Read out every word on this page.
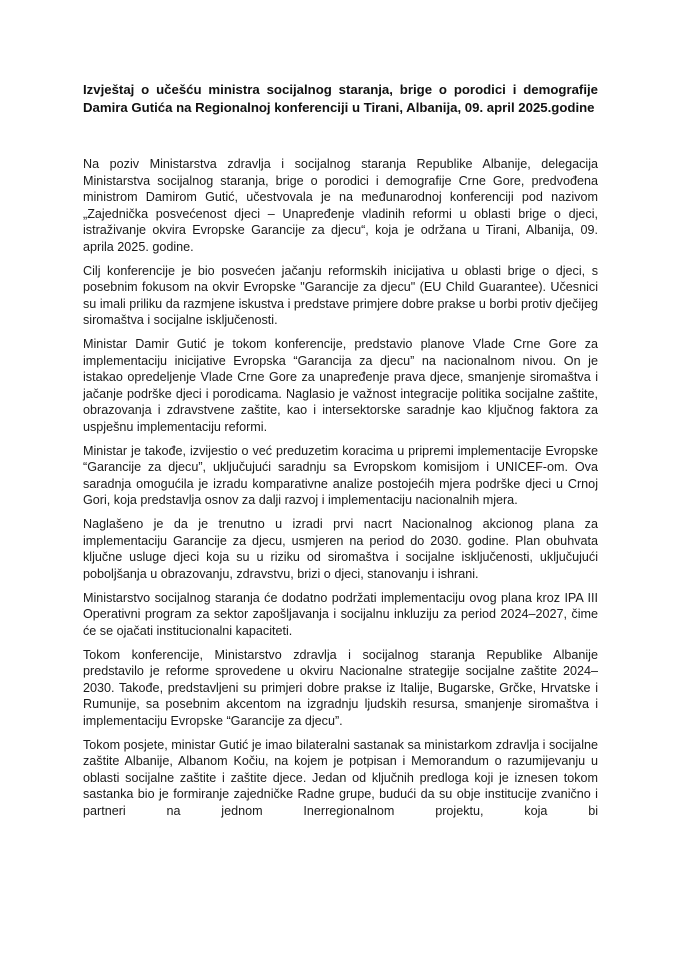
Izvještaj o učešću ministra socijalnog staranja, brige o porodici i demografije Damira Gutića na Regionalnoj konferenciji u Tirani, Albanija, 09. april 2025.godine

Na poziv Ministarstva zdravlja i socijalnog staranja Republike Albanije, delegacija Ministarstva socijalnog staranja, brige o porodici i demografije Crne Gore, predvođena ministrom Damirom Gutić, učestvovala je na međunarodnoj konferenciji pod nazivom „Zajednička posvećenost djeci – Unapređenje vladinih reformi u oblasti brige o djeci, istraživanje okvira Evropske Garancije za djecu“, koja je održana u Tirani, Albanija, 09. aprila 2025. godine.

Cilj konferencije je bio posvećen jačanju reformskih inicijativa u oblasti brige o djeci, s posebnim fokusom na okvir Evropske "Garancije za djecu" (EU Child Guarantee). Učesnici su imali priliku da razmjene iskustva i predstave primjere dobre prakse u borbi protiv dječijeg siromaštva i socijalne isključenosti.

Ministar Damir Gutić je tokom konferencije, predstavio planove Vlade Crne Gore za implementaciju inicijative Evropska “Garancija za djecu” na nacionalnom nivou. On je istakao opredeljenje Vlade Crne Gore za unapređenje prava djece, smanjenje siromaštva i jačanje podrške djeci i porodicama. Naglasio je važnost integracije politika socijalne zaštite, obrazovanja i zdravstvene zaštite, kao i intersektorske saradnje kao ključnog faktora za uspješnu implementaciju reformi.

Ministar je takođe, izvijestio o već preduzetim koracima u pripremi implementacije Evropske “Garancije za djecu”, uključujući saradnju sa Evropskom komisijom i UNICEF-om. Ova saradnja omogućila je izradu komparativne analize postojećih mjera podrške djeci u Crnoj Gori, koja predstavlja osnov za dalji razvoj i implementaciju nacionalnih mjera.

Naglašeno je da je trenutno u izradi prvi nacrt Nacionalnog akcionog plana za implementaciju Garancije za djecu, usmjeren na period do 2030. godine. Plan obuhvata ključne usluge djeci koja su u riziku od siromaštva i socijalne isključenosti, uključujući poboljšanja u obrazovanju, zdravstvu, brizi o djeci, stanovanju i ishrani.

Ministarstvo socijalnog staranja će dodatno podržati implementaciju ovog plana kroz IPA III Operativni program za sektor zapošljavanja i socijalnu inkluziju za period 2024–2027, čime će se ojačati institucionalni kapaciteti.

Tokom konferencije, Ministarstvo zdravlja i socijalnog staranja Republike Albanije predstavilo je reforme sprovedene u okviru Nacionalne strategije socijalne zaštite 2024–2030. Takođe, predstavljeni su primjeri dobre prakse iz Italije, Bugarske, Grčke, Hrvatske i Rumunije, sa posebnim akcentom na izgradnju ljudskih resursa, smanjenje siromaštva i implementaciju Evropske “Garancije za djecu”.

Tokom posjete, ministar Gutić je imao bilateralni sastanak sa ministarkom zdravlja i socijalne zaštite Albanije, Albanom Kočiu, na kojem je potpisan i Memorandum o razumijevanju u oblasti socijalne zaštite i zaštite djece. Jedan od ključnih predloga koji je iznesen tokom sastanka bio je formiranje zajedničke Radne grupe, budući da su obje institucije zvanično i partneri na jednom Inerregionalnom projektu, koja bi
